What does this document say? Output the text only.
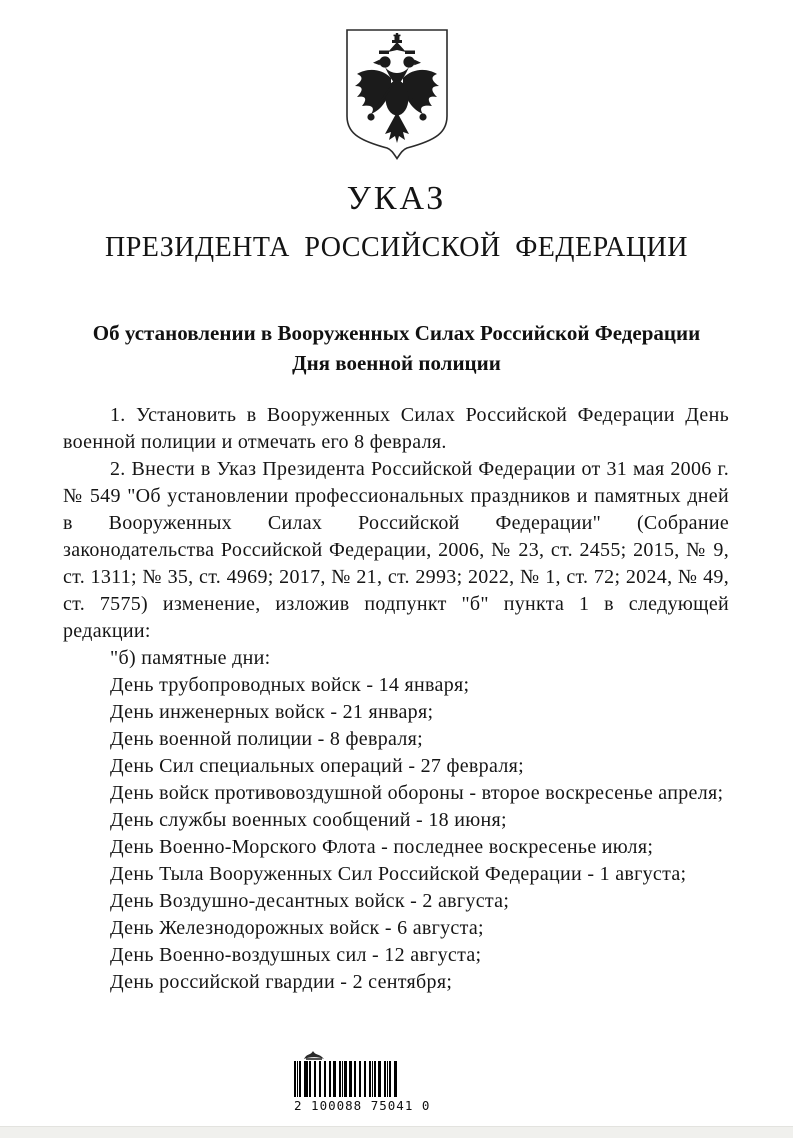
УКАЗ
ПРЕЗИДЕНТА РОССИЙСКОЙ ФЕДЕРАЦИИ
Об установлении в Вооруженных Силах Российской Федерации
Дня военной полиции

1. Установить в Вооруженных Силах Российской Федерации День военной полиции и отмечать его 8 февраля.

2. Внести в Указ Президента Российской Федерации от 31 мая 2006 г. № 549 "Об установлении профессиональных праздников и памятных дней в Вооруженных Силах Российской Федерации" (Собрание законодательства Российской Федерации, 2006, № 23, ст. 2455; 2015, № 9, ст. 1311; № 35, ст. 4969; 2017, № 21, ст. 2993; 2022, № 1, ст. 72; 2024, № 49, ст. 7575) изменение, изложив подпункт "б" пункта 1 в следующей редакции:

"б) памятные дни:

День трубопроводных войск - 14 января;

День инженерных войск - 21 января;

День военной полиции - 8 февраля;

День Сил специальных операций - 27 февраля;

День войск противовоздушной обороны - второе воскресенье апреля;

День службы военных сообщений - 18 июня;

День Военно-Морского Флота - последнее воскресенье июля;

День Тыла Вооруженных Сил Российской Федерации - 1 августа;

День Воздушно-десантных войск - 2 августа;

День Железнодорожных войск - 6 августа;

День Военно-воздушных сил - 12 августа;

День российской гвардии - 2 сентября;

2 100088 75041 0
